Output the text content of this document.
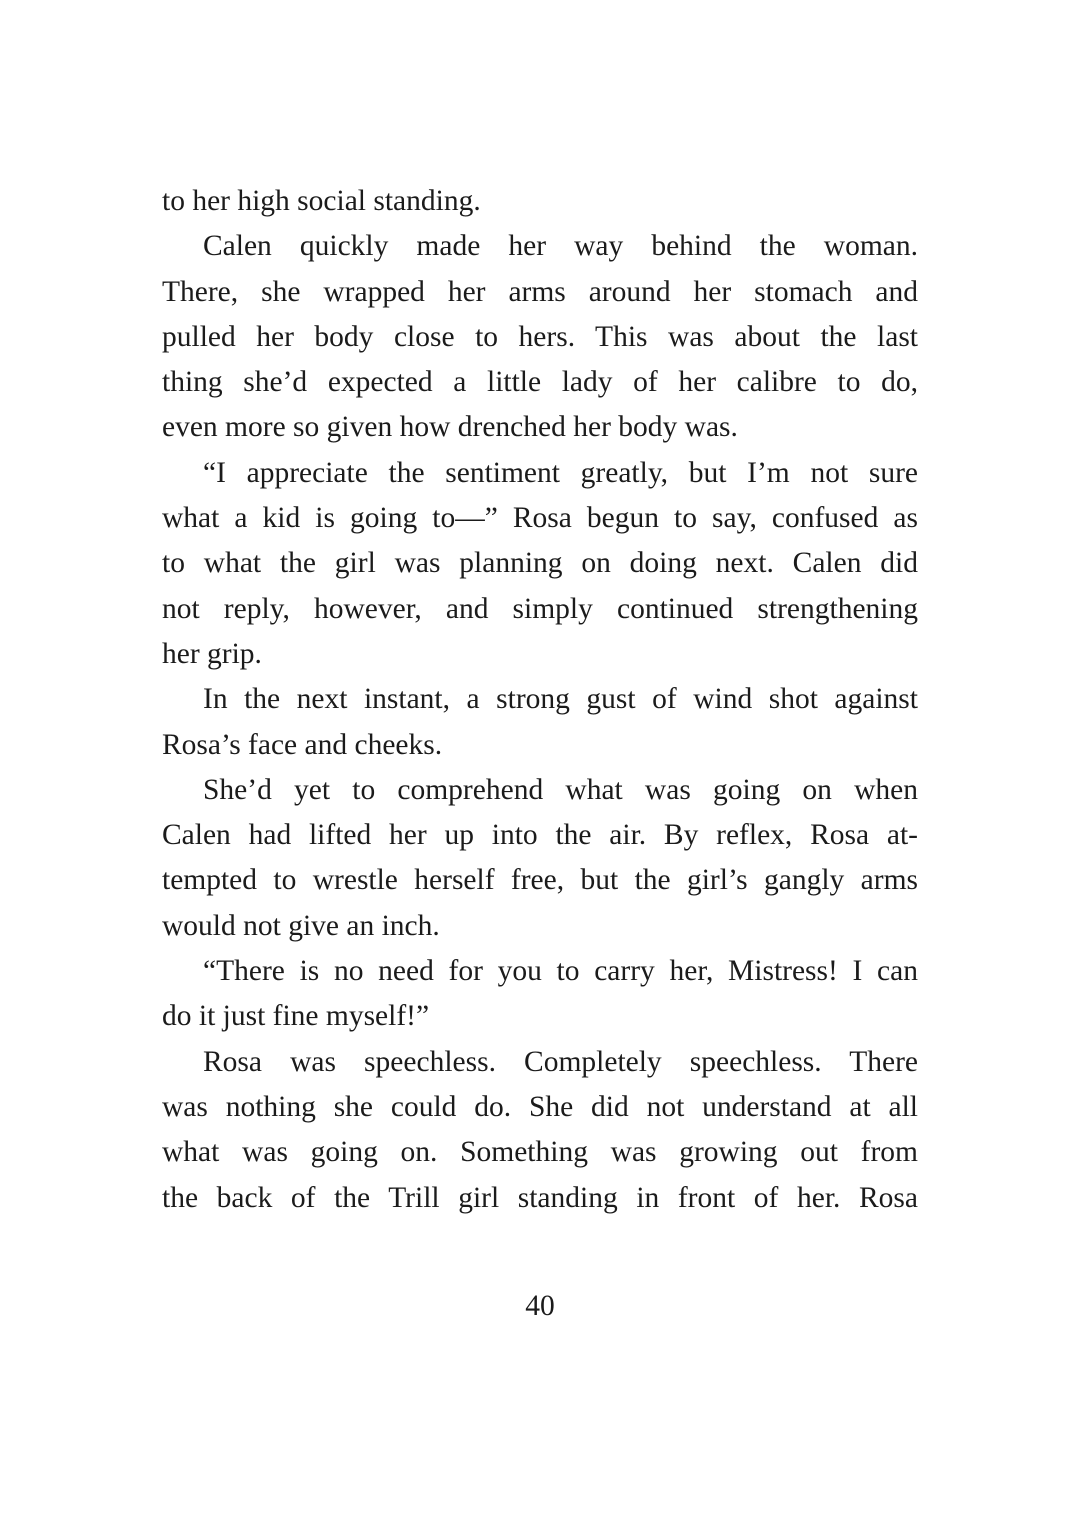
to her high social standing.
Calen quickly made her way behind the woman.
There, she wrapped her arms around her stomach and
pulled her body close to hers. This was about the last
thing she’d expected a little lady of her calibre to do,
even more so given how drenched her body was.
“I appreciate the sentiment greatly, but I’m not sure
what a kid is going to—” Rosa begun to say, confused as
to what the girl was planning on doing next. Calen did
not reply, however, and simply continued strengthening
her grip.
In the next instant, a strong gust of wind shot against
Rosa’s face and cheeks.
She’d yet to comprehend what was going on when
Calen had lifted her up into the air. By reflex, Rosa at-
tempted to wrestle herself free, but the girl’s gangly arms
would not give an inch.
“There is no need for you to carry her, Mistress! I can
do it just fine myself!”
Rosa was speechless. Completely speechless. There
was nothing she could do. She did not understand at all
what was going on. Something was growing out from
the back of the Trill girl standing in front of her. Rosa
40
